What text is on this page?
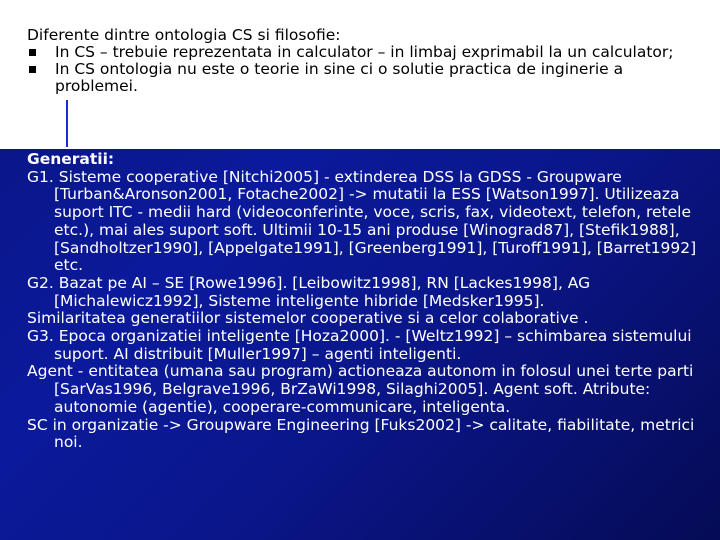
Diferente dintre ontologia CS si filosofie:

In CS – trebuie reprezentata in calculator – in limbaj exprimabil la un calculator;
In CS ontologia nu este o teorie in sine ci o solutie practica de inginerie a problemei.

Generatii:

G1. Sisteme cooperative [Nitchi2005] - extinderea DSS la GDSS - Groupware [Turban&Aronson2001, Fotache2002] -> mutatii la ESS [Watson1997]. Utilizeaza suport ITC - medii hard (videoconferinte, voce, scris, fax, videotext, telefon, retele etc.), mai ales suport soft. Ultimii 10-15 ani produse [Winograd87], [Stefik1988], [Sandholtzer1990], [Appelgate1991], [Greenberg1991], [Turoff1991], [Barret1992] etc.

G2. Bazat pe AI – SE [Rowe1996]. [Leibowitz1998], RN [Lackes1998], AG [Michalewicz1992], Sisteme inteligente hibride [Medsker1995].

Similaritatea generatiilor sistemelor cooperative si a celor colaborative .

G3. Epoca organizatiei inteligente [Hoza2000]. - [Weltz1992] – schimbarea sistemului suport. AI distribuit [Muller1997] – agenti inteligenti.

Agent - entitatea (umana sau program) actioneaza autonom in folosul unei terte parti [SarVas1996, Belgrave1996, BrZaWi1998, Silaghi2005]. Agent soft. Atribute: autonomie (agentie), cooperare-communicare, inteligenta.

SC in organizatie -> Groupware Engineering [Fuks2002] -> calitate, fiabilitate, metrici noi.
